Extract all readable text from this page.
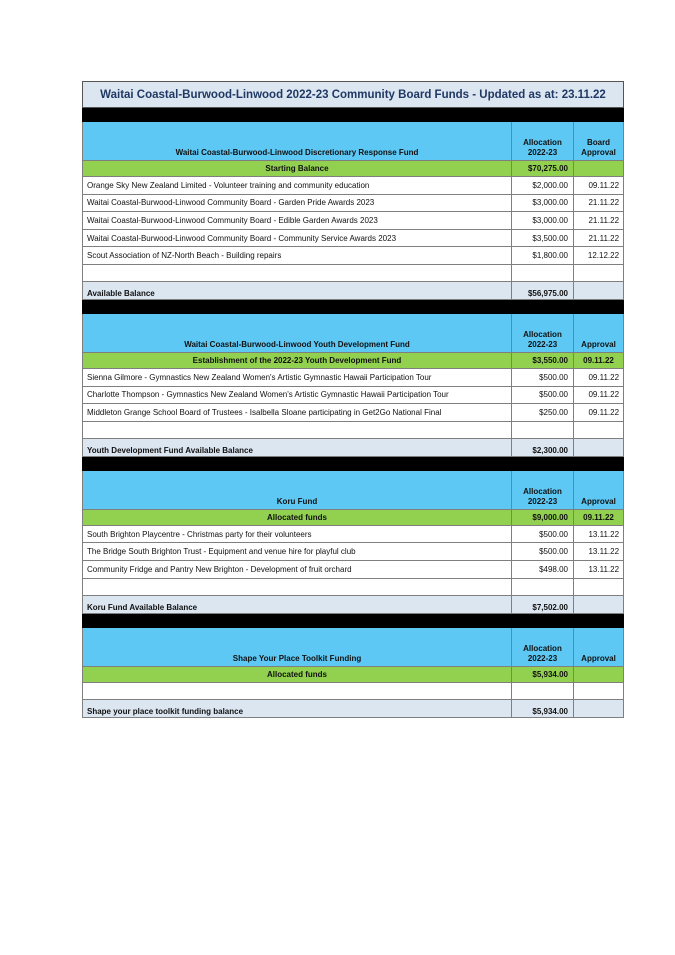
Waitai Coastal-Burwood-Linwood 2022-23 Community Board Funds - Updated as at: 23.11.22		

Waitai Coastal-Burwood-Linwood Discretionary Response Fund	Allocation 2022-23	Board Approval
Starting Balance	$70,275.00	
Orange Sky New Zealand Limited - Volunteer training and community education	$2,000.00	09.11.22
Waitai Coastal-Burwood-Linwood Community Board - Garden Pride Awards 2023	$3,000.00	21.11.22
Waitai Coastal-Burwood-Linwood Community Board - Edible Garden Awards 2023	$3,000.00	21.11.22
Waitai Coastal-Burwood-Linwood Community Board - Community Service Awards 2023	$3,500.00	21.11.22
Scout Association of NZ-North Beach - Building repairs	$1,800.00	12.12.22

Available Balance	$56,975.00	

Waitai Coastal-Burwood-Linwood Youth Development Fund	Allocation 2022-23	Approval
Establishment of the 2022-23 Youth Development Fund	$3,550.00	09.11.22
Sienna Gilmore - Gymnastics New Zealand Women's Artistic Gymnastic Hawaii Participation Tour	$500.00	09.11.22
Charlotte Thompson - Gymnastics New Zealand Women's Artistic Gymnastic Hawaii Participation Tour	$500.00	09.11.22
Middleton Grange School Board of Trustees - Isalbella Sloane participating in Get2Go National Final	$250.00	09.11.22

Youth Development Fund Available Balance	$2,300.00	

Koru Fund	Allocation 2022-23	Approval
Allocated funds	$9,000.00	09.11.22
South Brighton Playcentre - Christmas party for their volunteers	$500.00	13.11.22
The Bridge South Brighton Trust - Equipment and venue hire for playful club	$500.00	13.11.22
Community Fridge and Pantry New Brighton - Development of fruit orchard	$498.00	13.11.22

Koru Fund Available Balance	$7,502.00	

Shape Your Place Toolkit Funding	Allocation 2022-23	Approval
Allocated funds	$5,934.00	

Shape your place toolkit funding balance	$5,934.00	
